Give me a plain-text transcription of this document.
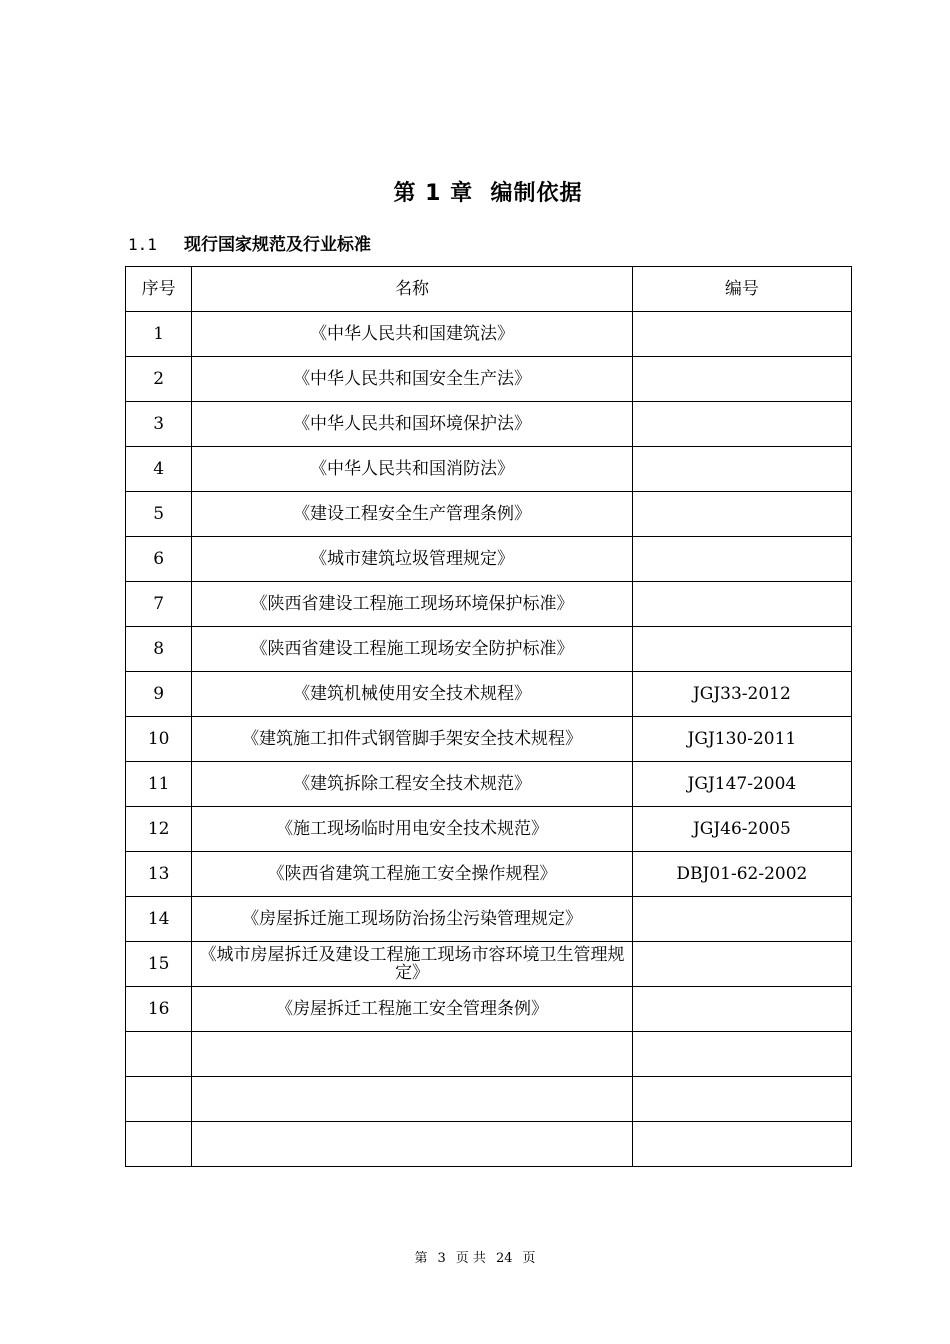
第 1 章  编制依据
1.1 现行国家规范及行业标准
序号	名称	编号
1	《中华人民共和国建筑法》	
2	《中华人民共和国安全生产法》	
3	《中华人民共和国环境保护法》	
4	《中华人民共和国消防法》	
5	《建设工程安全生产管理条例》	
6	《城市建筑垃圾管理规定》	
7	《陕西省建设工程施工现场环境保护标准》	
8	《陕西省建设工程施工现场安全防护标准》	
9	《建筑机械使用安全技术规程》	JGJ33-2012
10	《建筑施工扣件式钢管脚手架安全技术规程》	JGJ130-2011
11	《建筑拆除工程安全技术规范》	JGJ147-2004
12	《施工现场临时用电安全技术规范》	JGJ46-2005
13	《陕西省建筑工程施工安全操作规程》	DBJ01-62-2002
14	《房屋拆迁施工现场防治扬尘污染管理规定》	
15	《城市房屋拆迁及建设工程施工现场市容环境卫生管理规定》	
16	《房屋拆迁工程施工安全管理条例》	

第 3 页 共 24 页
